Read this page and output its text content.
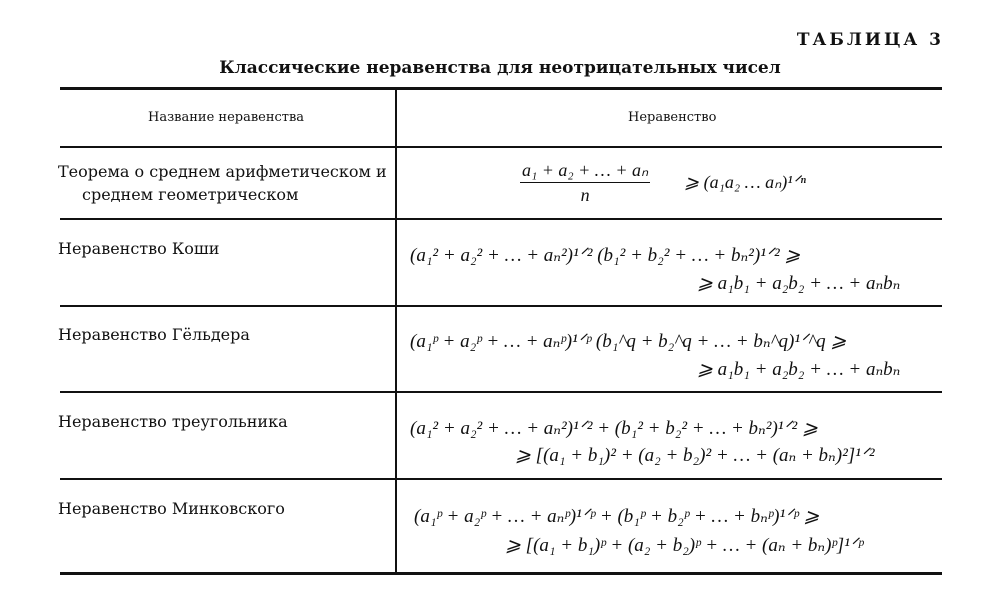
ТАБЛИЦА 3
Классические неравенства для неотрицательных чисел
Название неравенства	Неравенство
Теорема о среднем арифметическом и
среднем геометрическом	$\frac{\text{a₁ + a₂ + … + aₙ}}{n}$ ⩾ (a₁a₂ … aₙ)¹ᐟⁿ
Неравенство Коши	(a₁² + a₂² + … + aₙ²)¹ᐟ² (b₁² + b₂² + … + bₙ²)¹ᐟ² ⩾
⩾ a₁b₁ + a₂b₂ + … + aₙbₙ
Неравенство Гёльдера	(a₁ᵖ + a₂ᵖ + … + aₙᵖ)¹ᐟᵖ (b₁^q + b₂^q + … + bₙ^q)¹ᐟ^q ⩾
⩾ a₁b₁ + a₂b₂ + … + aₙbₙ
Неравенство треугольника	(a₁² + a₂² + … + aₙ²)¹ᐟ² + (b₁² + b₂² + … + bₙ²)¹ᐟ² ⩾
⩾ [(a₁ + b₁)² + (a₂ + b₂)² + … + (aₙ + bₙ)²]¹ᐟ²
Неравенство Минковского	(a₁ᵖ + a₂ᵖ + … + aₙᵖ)¹ᐟᵖ + (b₁ᵖ + b₂ᵖ + … + bₙᵖ)¹ᐟᵖ ⩾
⩾ [(a₁ + b₁)ᵖ + (a₂ + b₂)ᵖ + … + (aₙ + bₙ)ᵖ]¹ᐟᵖ
